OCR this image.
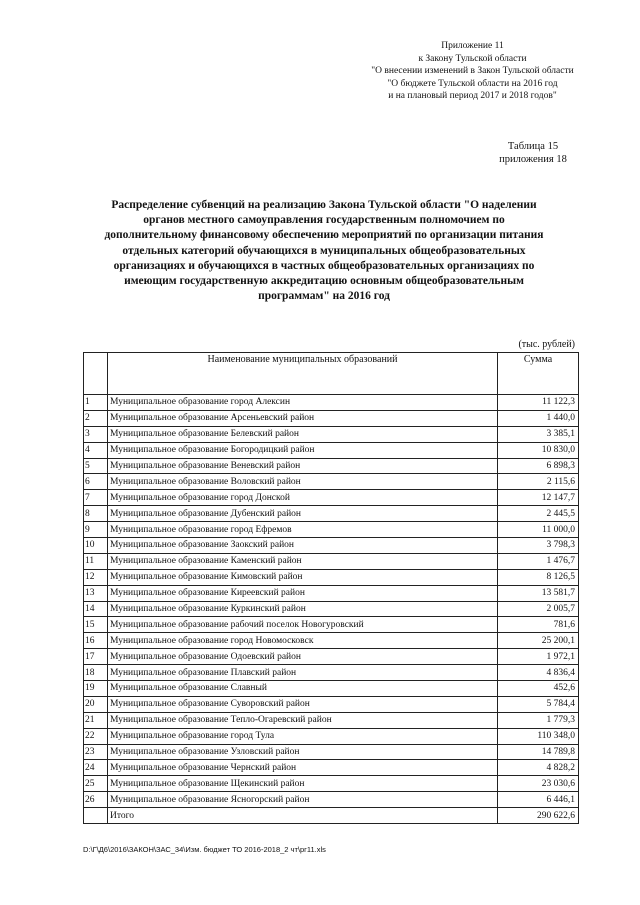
Приложение 11
к Закону Тульской области
"О внесении изменений в Закон Тульской области
"О бюджете Тульской области на 2016 год
и на плановый период 2017 и 2018 годов"
Таблица 15
приложения 18
Распределение субвенций на реализацию Закона Тульской области "О наделении
органов местного самоуправления государственным полномочием по
дополнительному финансовому обеспечению мероприятий по организации питания
отдельных категорий обучающихся в муниципальных общеобразовательных
организациях и обучающихся в частных общеобразовательных организациях по
имеющим государственную аккредитацию основным общеобразовательным
программам" на 2016 год
(тыс. рублей)
	Наименование муниципальных образований	Сумма
1	Муниципальное образование город Алексин	11 122,3
2	Муниципальное образование Арсеньевский район	1 440,0
3	Муниципальное образование Белевский район	3 385,1
4	Муниципальное образование Богородицкий район	10 830,0
5	Муниципальное образование Веневский район	6 898,3
6	Муниципальное образование Воловский район	2 115,6
7	Муниципальное образование город Донской	12 147,7
8	Муниципальное образование Дубенский район	2 445,5
9	Муниципальное образование город Ефремов	11 000,0
10	Муниципальное образование Заокский район	3 798,3
11	Муниципальное образование Каменский район	1 476,7
12	Муниципальное образование Кимовский район	8 126,5
13	Муниципальное образование Киреевский район	13 581,7
14	Муниципальное образование Куркинский район	2 005,7
15	Муниципальное образование рабочий поселок Новогуровский	781,6
16	Муниципальное образование город Новомосковск	25 200,1
17	Муниципальное образование Одоевский район	1 972,1
18	Муниципальное образование Плавский район	4 836,4
19	Муниципальное образование Славный	452,6
20	Муниципальное образование Суворовский район	5 784,4
21	Муниципальное образование Тепло-Огаревский район	1 779,3
22	Муниципальное образование город Тула	110 348,0
23	Муниципальное образование Узловский район	14 789,8
24	Муниципальное образование Чернский район	4 828,2
25	Муниципальное образование Щекинский район	23 030,6
26	Муниципальное образование Ясногорский район	6 446,1
	Итого	290 622,6
D:\Г\Д6\2016\ЗАКОН\ЗАС_34\Изм. бюджет ТО 2016-2018_2 чт\рг11.xls
